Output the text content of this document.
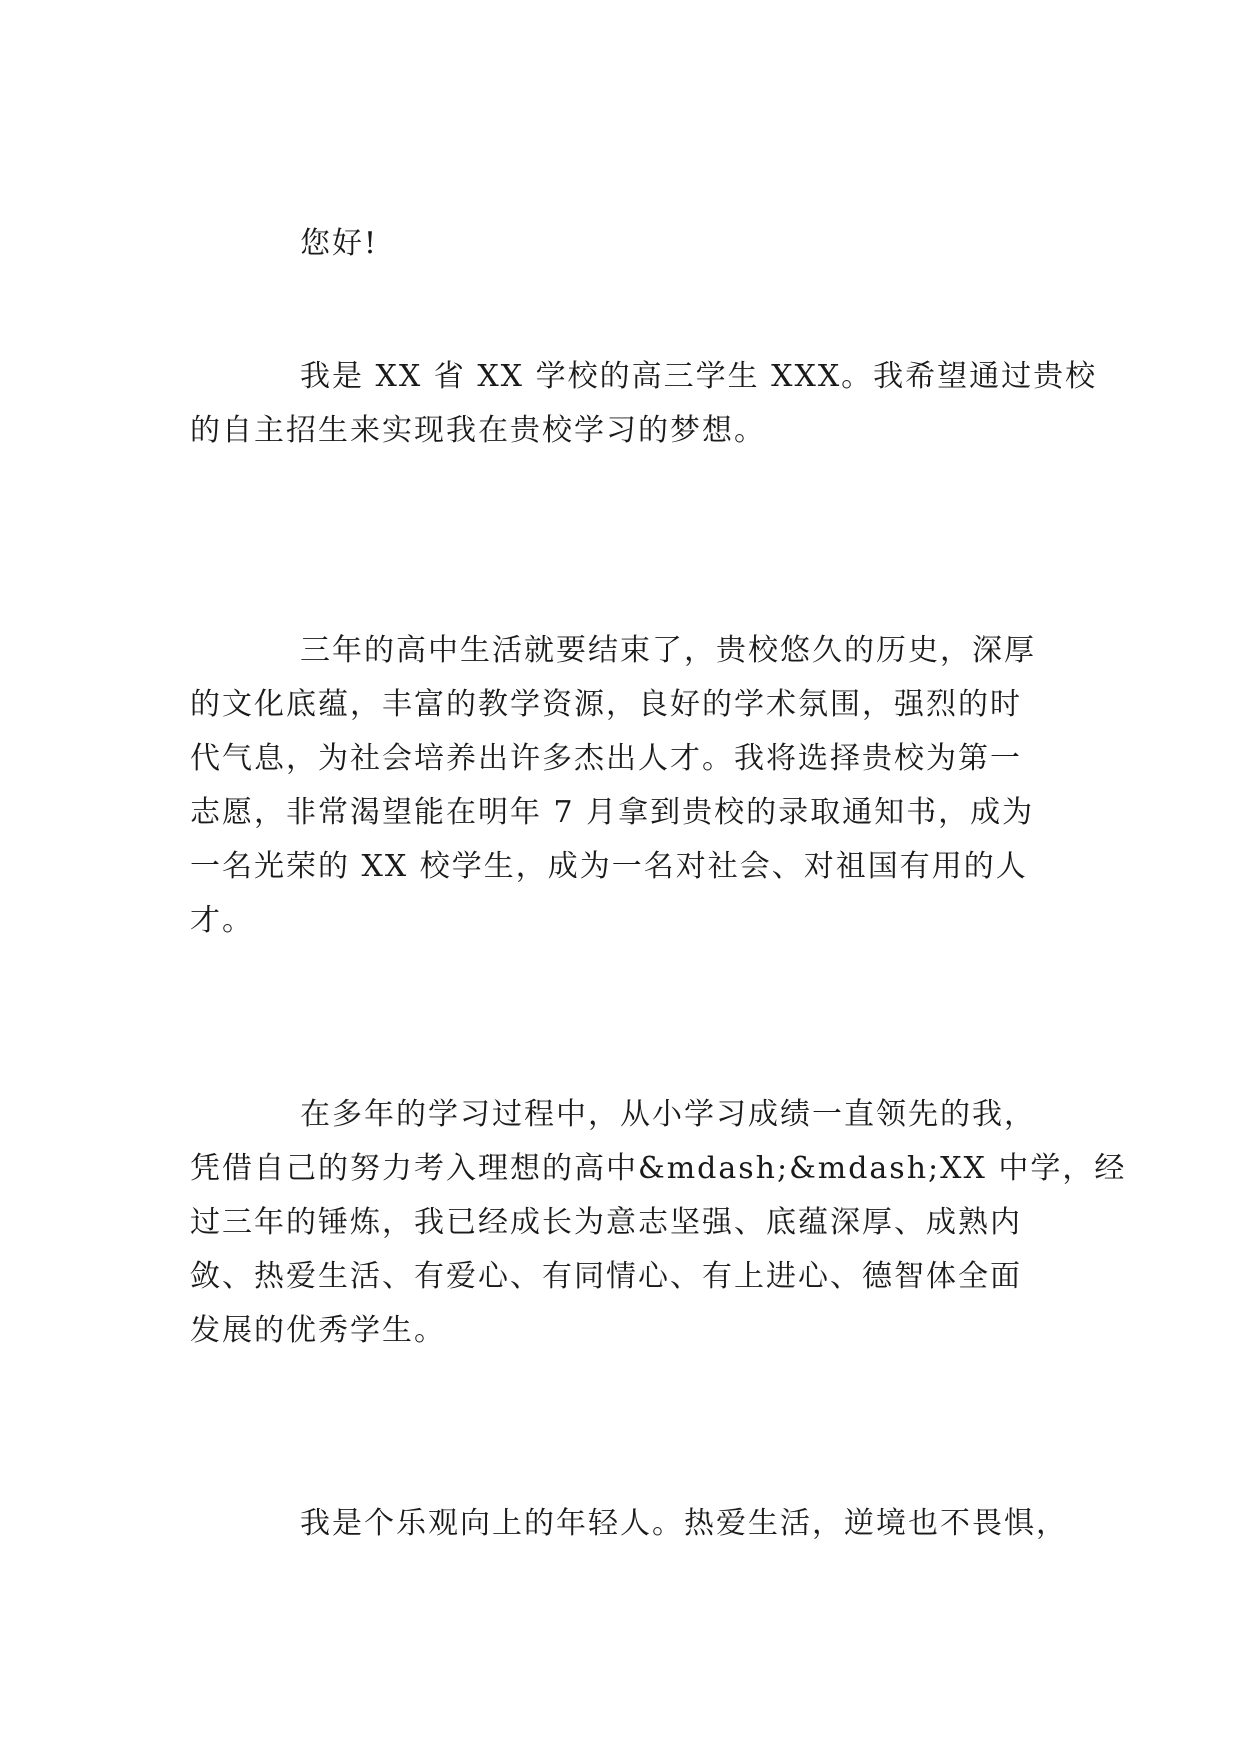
您好!
我是 XX 省 XX 学校的高三学生 XXX。我希望通过贵校
的自主招生来实现我在贵校学习的梦想。
三年的高中生活就要结束了，贵校悠久的历史，深厚
的文化底蕴，丰富的教学资源，良好的学术氛围，强烈的时
代气息，为社会培养出许多杰出人才。我将选择贵校为第一
志愿，非常渴望能在明年 7 月拿到贵校的录取通知书，成为
一名光荣的 XX 校学生，成为一名对社会、对祖国有用的人
才。
在多年的学习过程中，从小学习成绩一直领先的我，
凭借自己的努力考入理想的高中&mdash;&mdash;XX 中学，经
过三年的锤炼，我已经成长为意志坚强、底蕴深厚、成熟内
敛、热爱生活、有爱心、有同情心、有上进心、德智体全面
发展的优秀学生。
我是个乐观向上的年轻人。热爱生活，逆境也不畏惧，
